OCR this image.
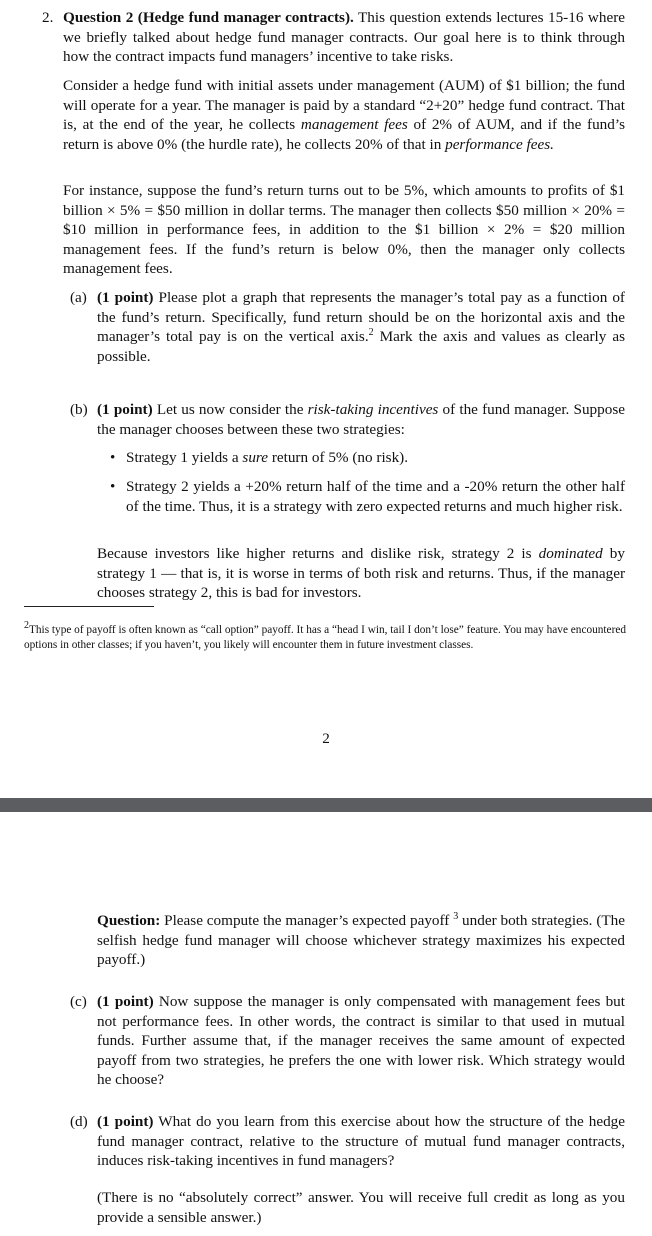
2. Question 2 (Hedge fund manager contracts). This question extends lectures 15-16 where we briefly talked about hedge fund manager contracts. Our goal here is to think through how the contract impacts fund managers’ incentive to take risks.

Consider a hedge fund with initial assets under management (AUM) of $1 billion; the fund will operate for a year. The manager is paid by a standard “2+20” hedge fund contract. That is, at the end of the year, he collects management fees of 2% of AUM, and if the fund’s return is above 0% (the hurdle rate), he collects 20% of that in performance fees.

For instance, suppose the fund’s return turns out to be 5%, which amounts to profits of $1 billion × 5% = $50 million in dollar terms. The manager then collects $50 million × 20% = $10 million in performance fees, in addition to the $1 billion × 2% = $20 million management fees. If the fund’s return is below 0%, then the manager only collects management fees.

(a) (1 point) Please plot a graph that represents the manager’s total pay as a function of the fund’s return. Specifically, fund return should be on the horizontal axis and the manager’s total pay is on the vertical axis.$^2$ Mark the axis and values as clearly as possible.

(b) (1 point) Let us now consider the risk-taking incentives of the fund manager. Suppose the manager chooses between these two strategies:

• Strategy 1 yields a sure return of 5% (no risk).

• Strategy 2 yields a +20% return half of the time and a -20% return the other half of the time. Thus, it is a strategy with zero expected returns and much higher risk.

Because investors like higher returns and dislike risk, strategy 2 is dominated by strategy 1 — that is, it is worse in terms of both risk and returns. Thus, if the manager chooses strategy 2, this is bad for investors.

$^2$This type of payoff is often known as “call option” payoff. It has a “head I win, tail I don’t lose” feature. You may have encountered options in other classes; if you haven’t, you likely will encounter them in future investment classes.

2

Question: Please compute the manager’s expected payoff $^3$ under both strategies. (The selfish hedge fund manager will choose whichever strategy maximizes his expected payoff.)

(c) (1 point) Now suppose the manager is only compensated with management fees but not performance fees. In other words, the contract is similar to that used in mutual funds. Further assume that, if the manager receives the same amount of expected payoff from two strategies, he prefers the one with lower risk. Which strategy would he choose?

(d) (1 point) What do you learn from this exercise about how the structure of the hedge fund manager contract, relative to the structure of mutual fund manager contracts, induces risk-taking incentives in fund managers?

(There is no “absolutely correct” answer. You will receive full credit as long as you provide a sensible answer.)
